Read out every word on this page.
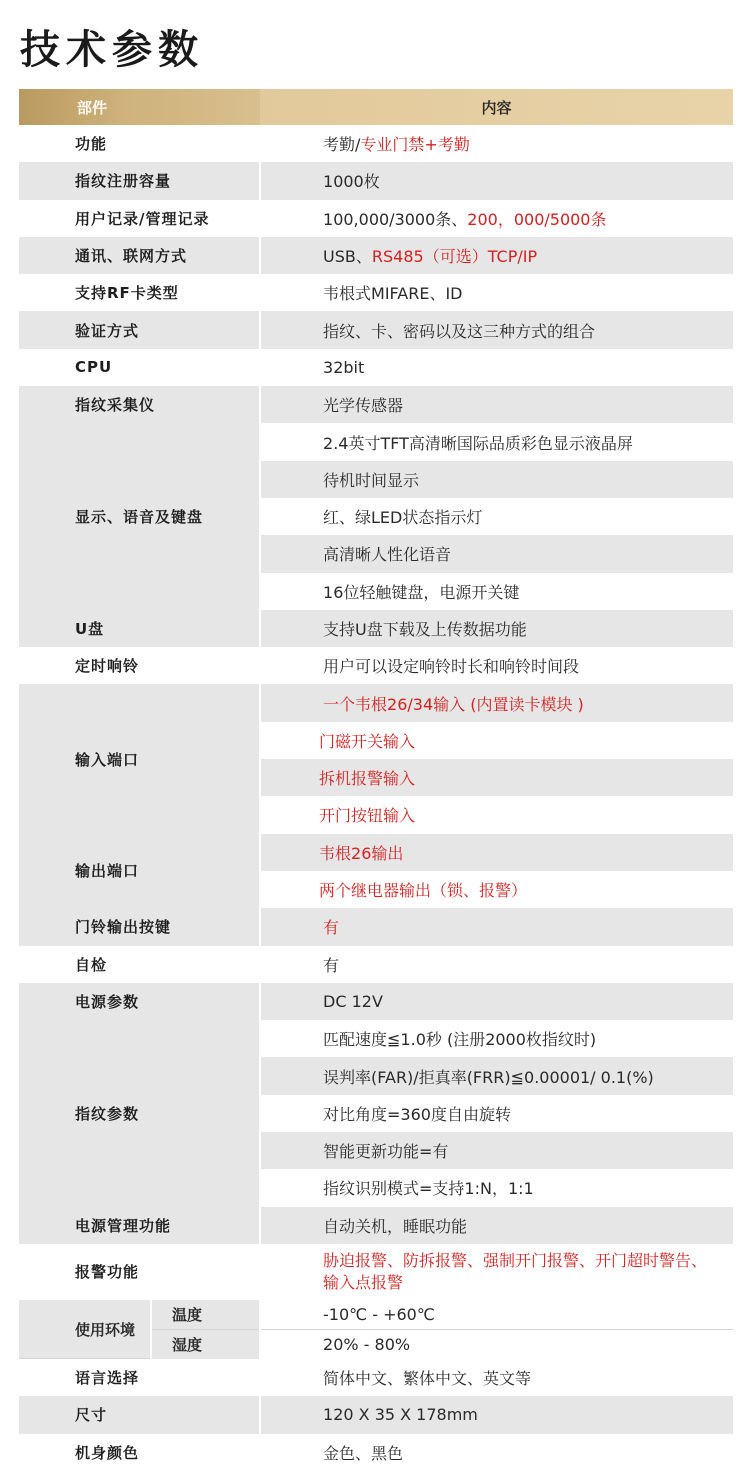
技术参数
部件		内容
功能		考勤/专业门禁+考勤
指纹注册容量		1000枚
用户记录/管理记录		100,000/3000条、200，000/5000条
通讯、联网方式		USB、RS485（可选）TCP/IP
支持RF卡类型		韦根式MIFARE、ID
验证方式		指纹、卡、密码以及这三种方式的组合
CPU		32bit
指纹采集仪		光学传感器
显示、语音及键盘		2.4英寸TFT高清晰国际品质彩色显示液晶屏
		待机时间显示
		红、绿LED状态指示灯
		高清晰人性化语音
		16位轻触键盘，电源开关键
U盘		支持U盘下载及上传数据功能
定时响铃		用户可以设定响铃时长和响铃时间段
输入端口		一个韦根26/34输入 (内置读卡模块 )
		门磁开关输入
		拆机报警输入
		开门按钮输入
输出端口		韦根26输出
		两个继电器输出（锁、报警）
门铃输出按键		有
自检		有
电源参数		DC 12V
指纹参数		匹配速度≦1.0秒 (注册2000枚指纹时)
		误判率(FAR)/拒真率(FRR)≦0.00001/ 0.1(%)
		对比角度=360度自由旋转
		智能更新功能=有
		指纹识别模式=支持1:N，1:1
电源管理功能		自动关机，睡眠功能
报警功能		胁迫报警、防拆报警、强制开门报警、开门超时警告、输入点报警
使用环境	温度	-10℃ - +60℃
	湿度	20% - 80%
语言选择		简体中文、繁体中文、英文等
尺寸		120 X 35 X 178mm
机身颜色		金色、黑色
